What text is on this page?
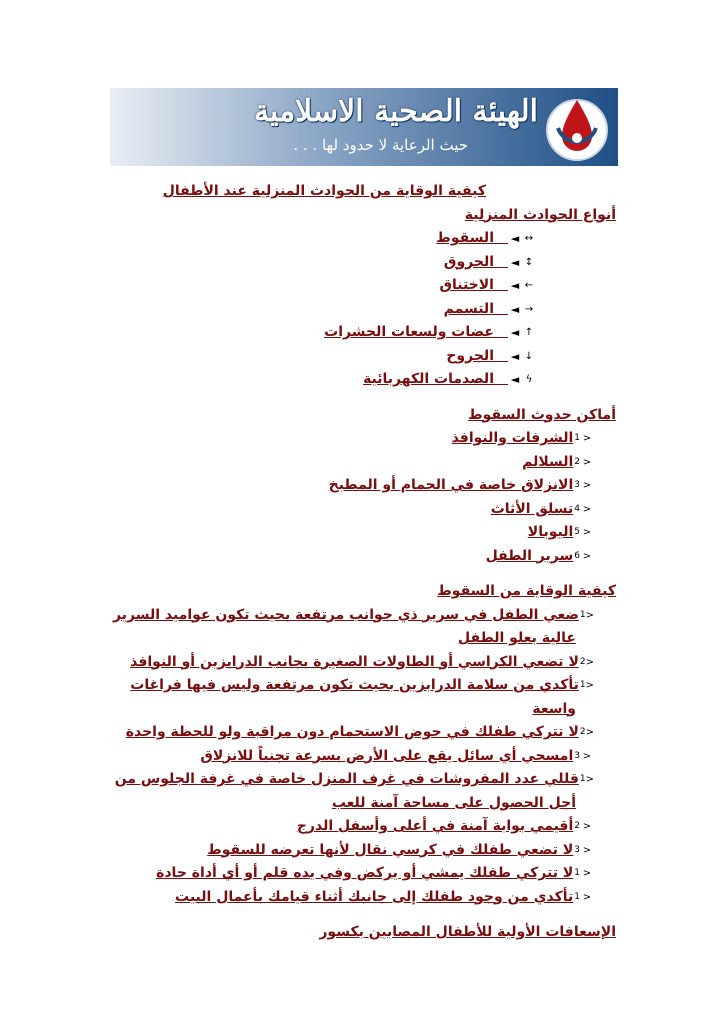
الهيئة الصحية الاسلامية
حيث الرعاية لا حدود لها . . .
كيفية الوقاية من الحوادث المنزلية عند الأطفال
أنواع الحوادث المنزلية
↔
◄

السقوط
↕
◄

الحروق
←
◄

الاختناق
→
◄

التسمم
↑
◄

عضات ولسعات الحشرات
↓
◄

الجروح
ϟ
◄

الصدمات الكهربائية
أماكن حدوث السقوط
<
1
الشرفات والنوافذ
<
2
السلالم
<
3
الانزلاق خاصة في الحمام أو المطبخ
<
4
تسلق الأثاث
<
5
اليوبالا
<
6
سرير الطفل
كيفية الوقاية من السقوط
<
1
ضعي الطفل في سرير ذي جوانب مرتفعة بحيث تكون عواميد السرير
عالية بعلو الطفل
<
2
لا تضعي الكراسي أو الطاولات الصغيرة بجانب الدرابزين أو النوافذ
<
1
تأكدي من سلامة الدرابزين بحيث تكون مرتفعة وليس فيها فراغات
واسعة
<
2
لا تتركي طفلك في حوض الاستحمام دون مراقبة ولو للحظة واحدة
<
3
امسحي أي سائل يقع على الأرض بسرعة تجنباً للانزلاق
<
1
قللي عدد المفروشات في غرف المنزل خاصة في غرفة الجلوس من
أجل الحصول على مساحة آمنة للعب
<
2
أقيمي بوابة آمنة في أعلى وأسفل الدرج
<
3
لا تضعي طفلك في كرسي نقال لأنها تعرضه للسقوط
<
1
لا تتركي طفلك يمشي أو يركض وفي يده قلم أو أي أداة حادة
<
1
تأكدي من وجود طفلك إلى جانبك أثناء قيامك بأعمال البيت
الإسعافات الأولية للأطفال المصابين بكسور
